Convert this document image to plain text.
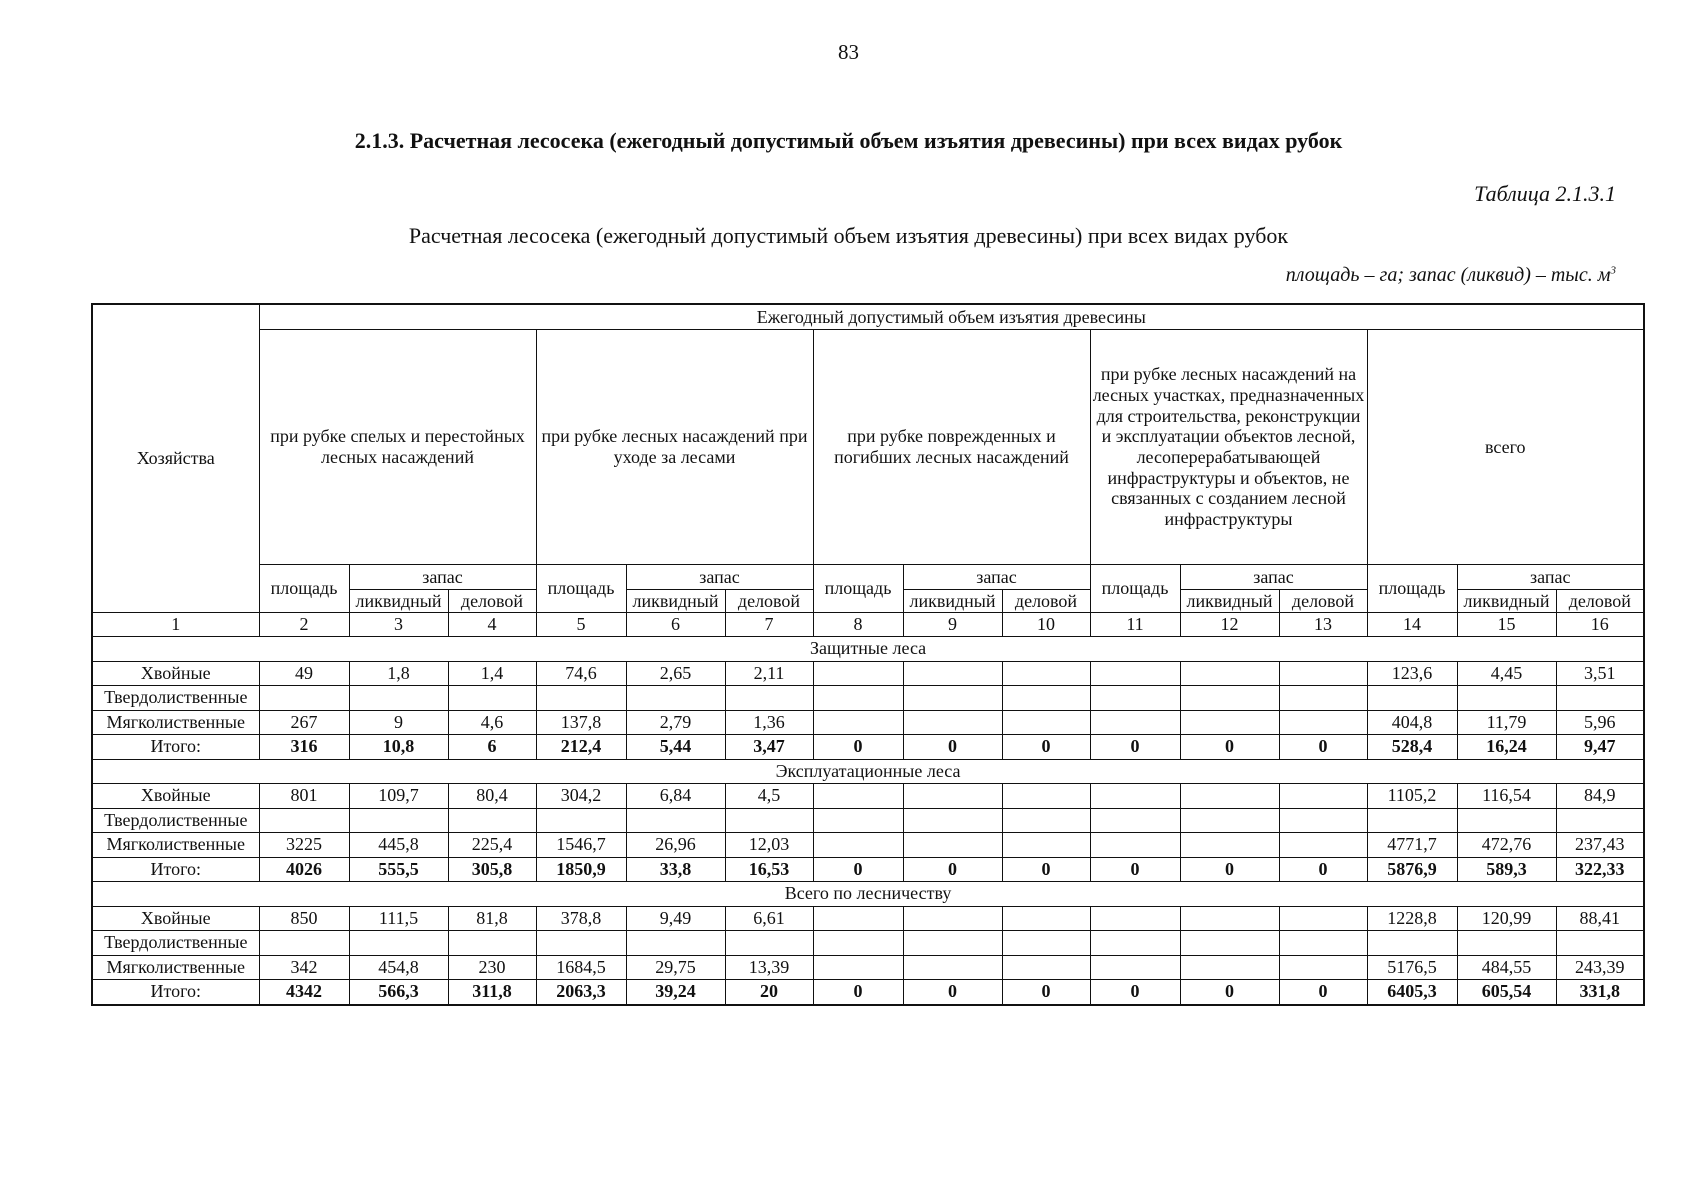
83
2.1.3. Расчетная лесосека (ежегодный допустимый объем изъятия древесины) при всех видах рубок
Таблица 2.1.3.1
Расчетная лесосека (ежегодный допустимый объем изъятия древесины) при всех видах рубок
площадь – га; запас (ликвид) – тыс. $м^3$
Хозяйства	Ежегодный допустимый объем изъятия древесины														
	при рубке спелых и перестойных лесных насаждений			при рубке лесных насаждений при уходе за лесами			при рубке поврежденных и погибших лесных насаждений			при рубке лесных насаждений на лесных участках, предназначенных для строительства, реконструкции и эксплуатации объектов лесной, лесоперерабатывающей инфраструктуры и объектов, не связанных с созданием лесной инфраструктуры			всего		
	площадь	запас		площадь	запас		площадь	запас		площадь	запас		площадь	запас	
		ликвидный	деловой		ликвидный	деловой		ликвидный	деловой		ликвидный	деловой		ликвидный	деловой
1	2	3	4	5	6	7	8	9	10	11	12	13	14	15	16
Защитные леса															
Хвойные	49	1,8	1,4	74,6	2,65	2,11							123,6	4,45	3,51
Твердолиственные															
Мягколиственные	267	9	4,6	137,8	2,79	1,36							404,8	11,79	5,96
Итого:	316	10,8	6	212,4	5,44	3,47	0	0	0	0	0	0	528,4	16,24	9,47
Эксплуатационные леса															
Хвойные	801	109,7	80,4	304,2	6,84	4,5							1105,2	116,54	84,9
Твердолиственные															
Мягколиственные	3225	445,8	225,4	1546,7	26,96	12,03							4771,7	472,76	237,43
Итого:	4026	555,5	305,8	1850,9	33,8	16,53	0	0	0	0	0	0	5876,9	589,3	322,33
Всего по лесничеству															
Хвойные	850	111,5	81,8	378,8	9,49	6,61							1228,8	120,99	88,41
Твердолиственные															
Мягколиственные	342	454,8	230	1684,5	29,75	13,39							5176,5	484,55	243,39
Итого:	4342	566,3	311,8	2063,3	39,24	20	0	0	0	0	0	0	6405,3	605,54	331,8
